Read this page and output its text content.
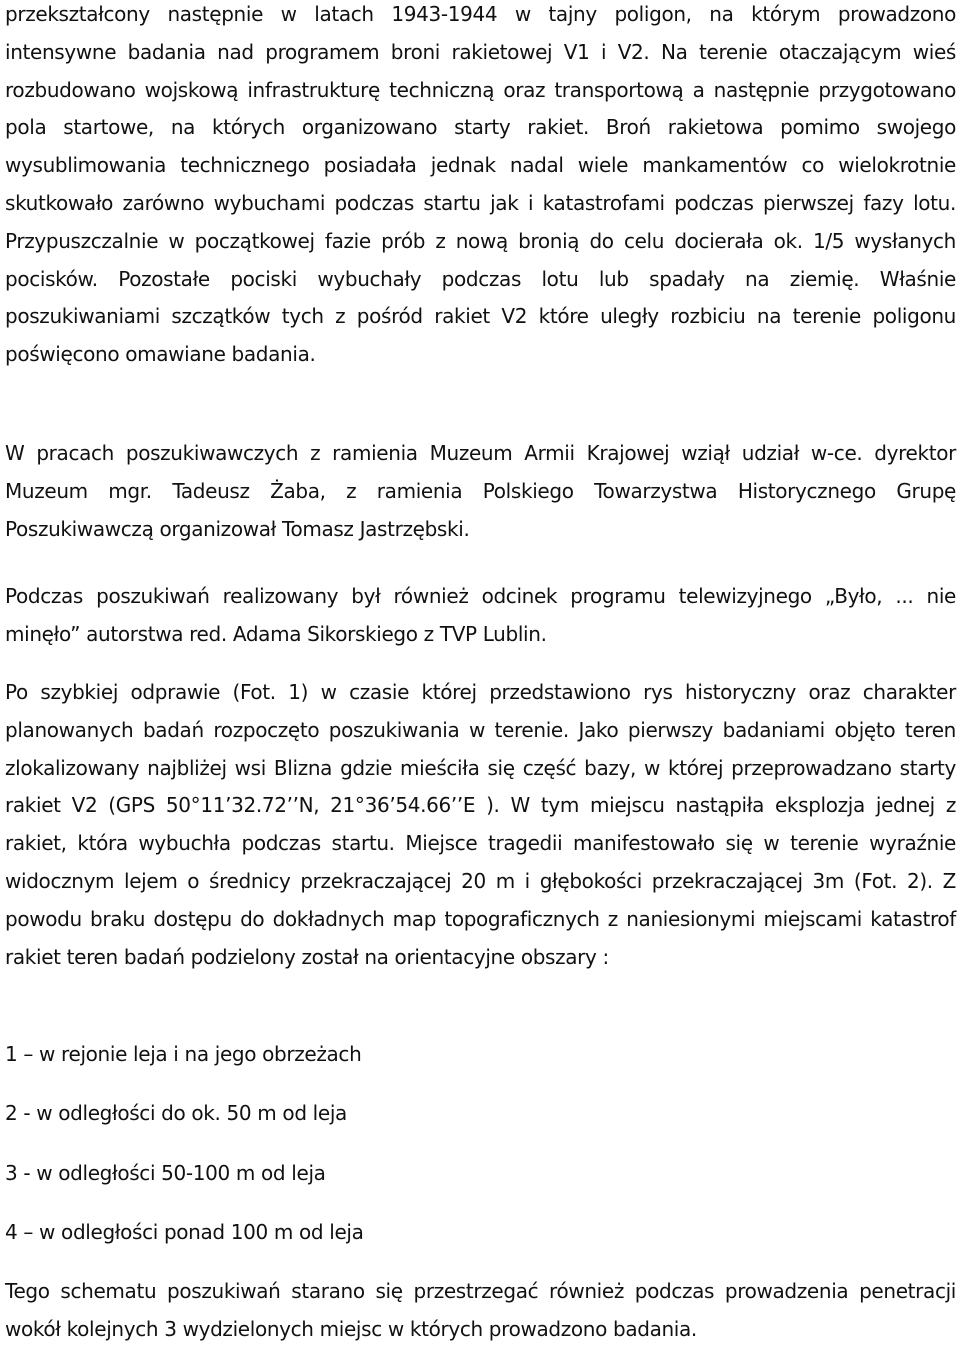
przekształcony następnie w latach 1943-1944 w tajny poligon, na którym prowadzono intensywne badania nad programem broni rakietowej V1 i V2. Na terenie otaczającym wieś rozbudowano wojskową infrastrukturę techniczną oraz transportową a następnie przygotowano pola startowe, na których organizowano starty rakiet. Broń rakietowa pomimo swojego wysublimowania technicznego posiadała jednak nadal wiele mankamentów co wielokrotnie skutkowało zarówno wybuchami podczas startu jak i katastrofami podczas pierwszej fazy lotu. Przypuszczalnie w początkowej fazie prób z nową bronią do celu docierała ok. 1/5 wysłanych pocisków. Pozostałe pociski wybuchały podczas lotu lub spadały na ziemię. Właśnie poszukiwaniami szczątków tych z pośród rakiet V2 które uległy rozbiciu na terenie poligonu poświęcono omawiane badania.

W pracach poszukiwawczych z ramienia Muzeum Armii Krajowej wziął udział w-ce. dyrektor Muzeum mgr. Tadeusz Żaba, z ramienia Polskiego Towarzystwa Historycznego Grupę Poszukiwawczą organizował Tomasz Jastrzębski.

Podczas poszukiwań realizowany był również odcinek programu telewizyjnego „Było, ... nie minęło” autorstwa red. Adama Sikorskiego z TVP Lublin.

Po szybkiej odprawie (Fot. 1) w czasie której przedstawiono rys historyczny oraz charakter planowanych badań rozpoczęto poszukiwania w terenie. Jako pierwszy badaniami objęto teren zlokalizowany najbliżej wsi Blizna gdzie mieściła się część bazy, w której przeprowadzano starty rakiet V2 (GPS 50°11’32.72’’N, 21°36’54.66’’E ). W tym miejscu nastąpiła eksplozja jednej z rakiet, która wybuchła podczas startu. Miejsce tragedii manifestowało się w terenie wyraźnie widocznym lejem o średnicy przekraczającej 20 m i głębokości przekraczającej 3m (Fot. 2). Z powodu braku dostępu do dokładnych map topograficznych z naniesionymi miejscami katastrof rakiet teren badań podzielony został na orientacyjne obszary :

1 – w rejonie leja i na jego obrzeżach

2 - w odległości do ok. 50 m od leja

3 - w odległości 50-100 m od leja

4 – w odległości ponad 100 m od leja

Tego schematu poszukiwań starano się przestrzegać również podczas prowadzenia penetracji wokół kolejnych 3 wydzielonych miejsc w których prowadzono badania.
